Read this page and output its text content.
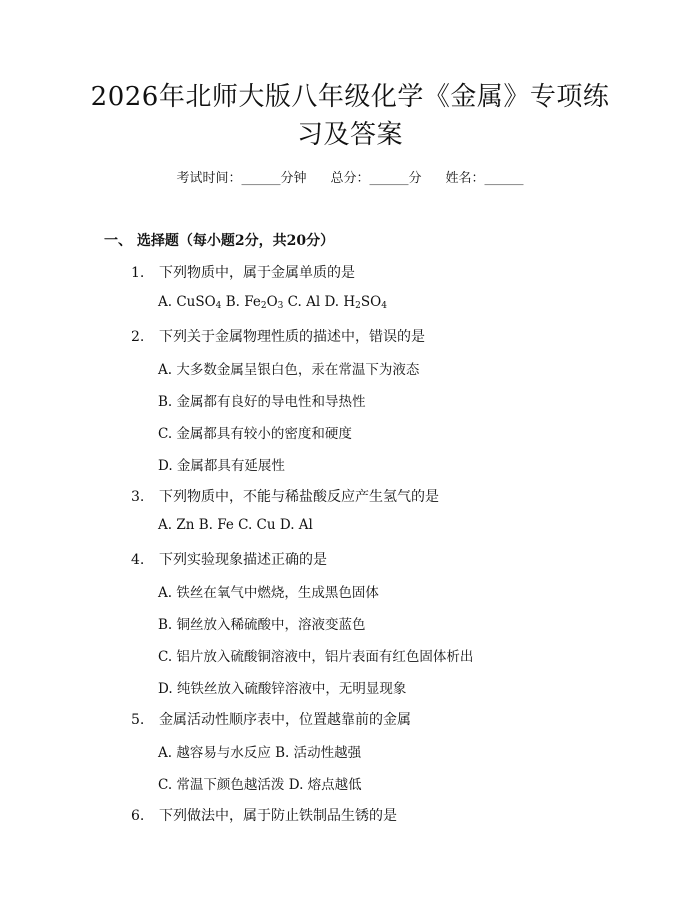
2026年北师大版八年级化学《金属》专项练
习及答案
考试时间：______分钟 总分：______分 姓名：______
一、 选择题（每小题2分，共20分）
1. 下列物质中，属于金属单质的是
A. CuSO$_4$ B. $Fe_2O_3$ C. Al D. $H_2SO_4$
2. 下列关于金属物理性质的描述中，错误的是
A. 大多数金属呈银白色，汞在常温下为液态
B. 金属都有良好的导电性和导热性
C. 金属都具有较小的密度和硬度
D. 金属都具有延展性
3. 下列物质中，不能与稀盐酸反应产生氢气的是
A. Zn B. Fe C. Cu D. Al
4. 下列实验现象描述正确的是
A. 铁丝在氧气中燃烧，生成黑色固体
B. 铜丝放入稀硫酸中，溶液变蓝色
C. 铝片放入硫酸铜溶液中，铝片表面有红色固体析出
D. 纯铁丝放入硫酸锌溶液中，无明显现象
5. 金属活动性顺序表中，位置越靠前的金属
A. 越容易与水反应 B. 活动性越强
C. 常温下颜色越活泼 D. 熔点越低
6. 下列做法中，属于防止铁制品生锈的是
